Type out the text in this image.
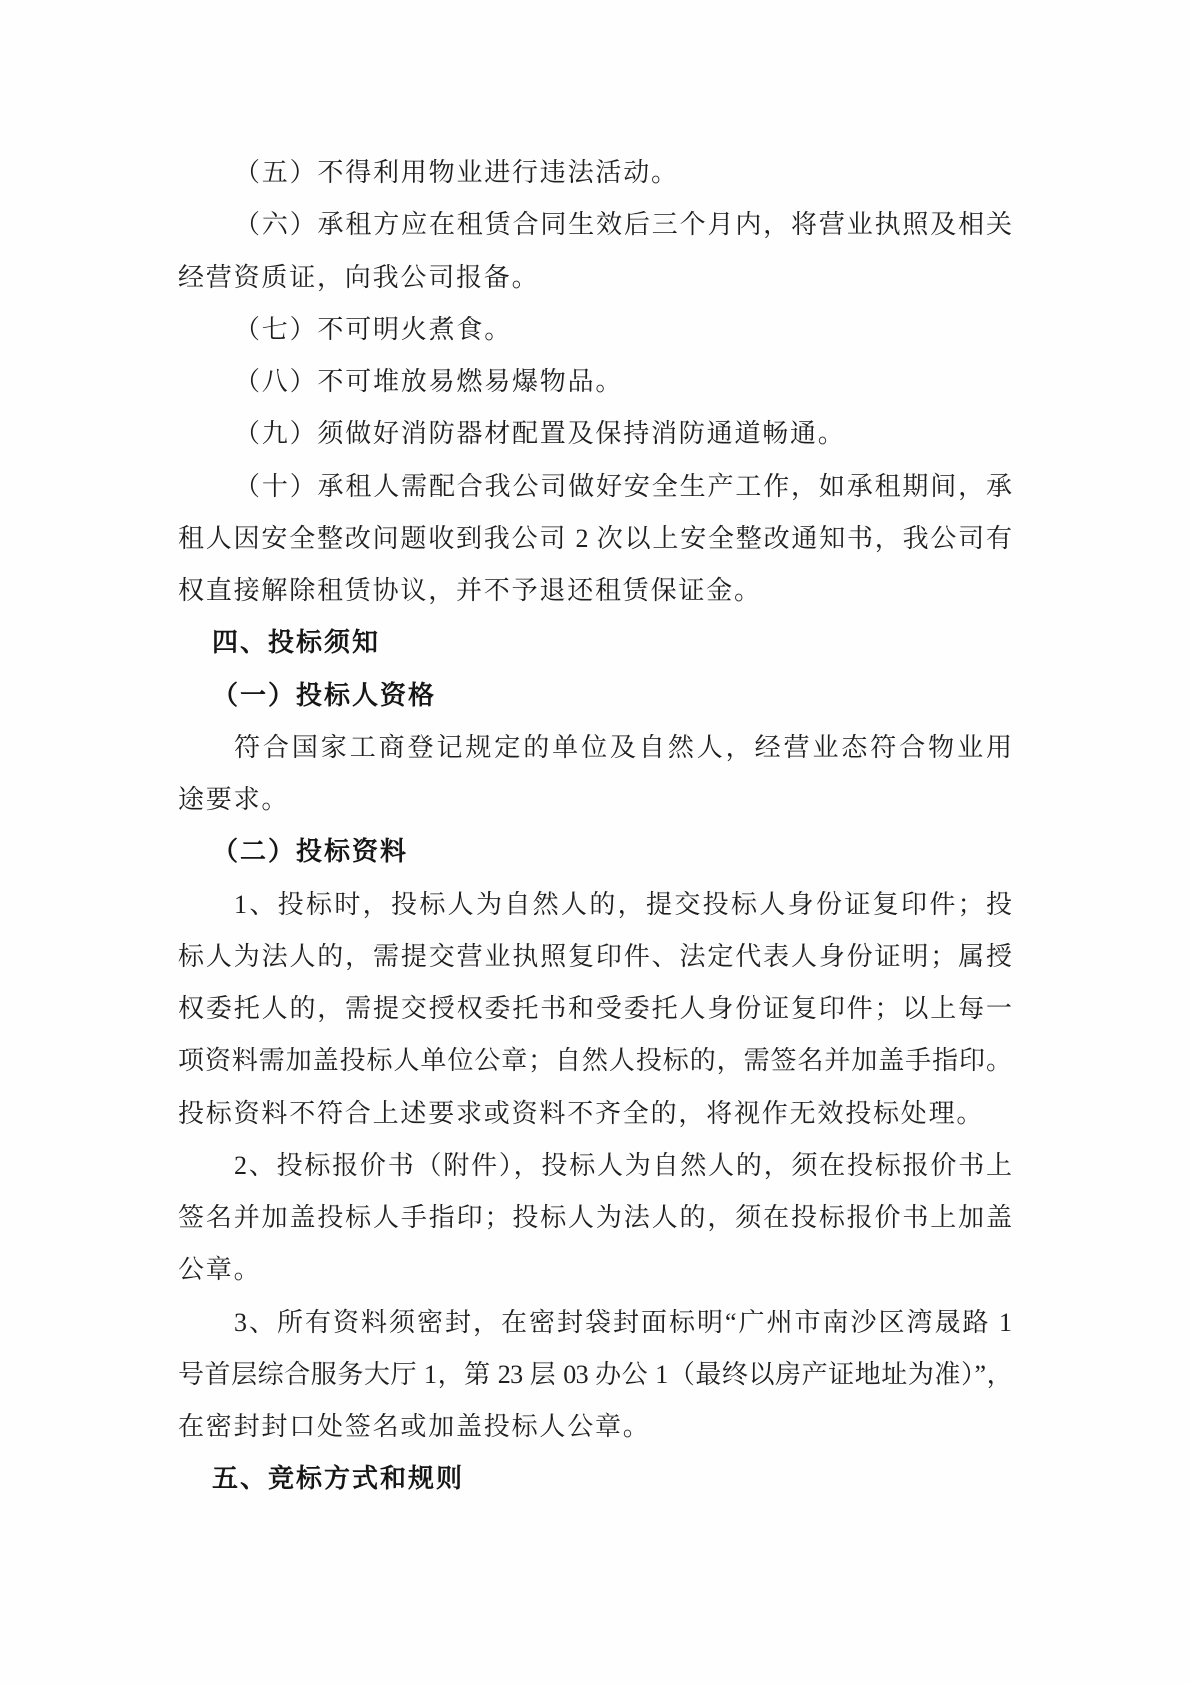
（五）不得利用物业进行违法活动。
（六）承租方应在租赁合同生效后三个月内，将营业执照及相关
经营资质证，向我公司报备。
（七）不可明火煮食。
（八）不可堆放易燃易爆物品。
（九）须做好消防器材配置及保持消防通道畅通。
（十）承租人需配合我公司做好安全生产工作，如承租期间，承
租人因安全整改问题收到我公司 2 次以上安全整改通知书，我公司有
权直接解除租赁协议，并不予退还租赁保证金。
四、投标须知
（一）投标人资格
符合国家工商登记规定的单位及自然人，经营业态符合物业用
途要求。
（二）投标资料
1、投标时，投标人为自然人的，提交投标人身份证复印件；投
标人为法人的，需提交营业执照复印件、法定代表人身份证明；属授
权委托人的，需提交授权委托书和受委托人身份证复印件；以上每一
项资料需加盖投标人单位公章；自然人投标的，需签名并加盖手指印。
投标资料不符合上述要求或资料不齐全的，将视作无效投标处理。
2、投标报价书（附件），投标人为自然人的，须在投标报价书上
签名并加盖投标人手指印；投标人为法人的，须在投标报价书上加盖
公章。
3、所有资料须密封，在密封袋封面标明“广州市南沙区湾晟路 1
号首层综合服务大厅 1，第 23 层 03 办公 1（最终以房产证地址为准）”，
在密封封口处签名或加盖投标人公章。
五、竞标方式和规则
